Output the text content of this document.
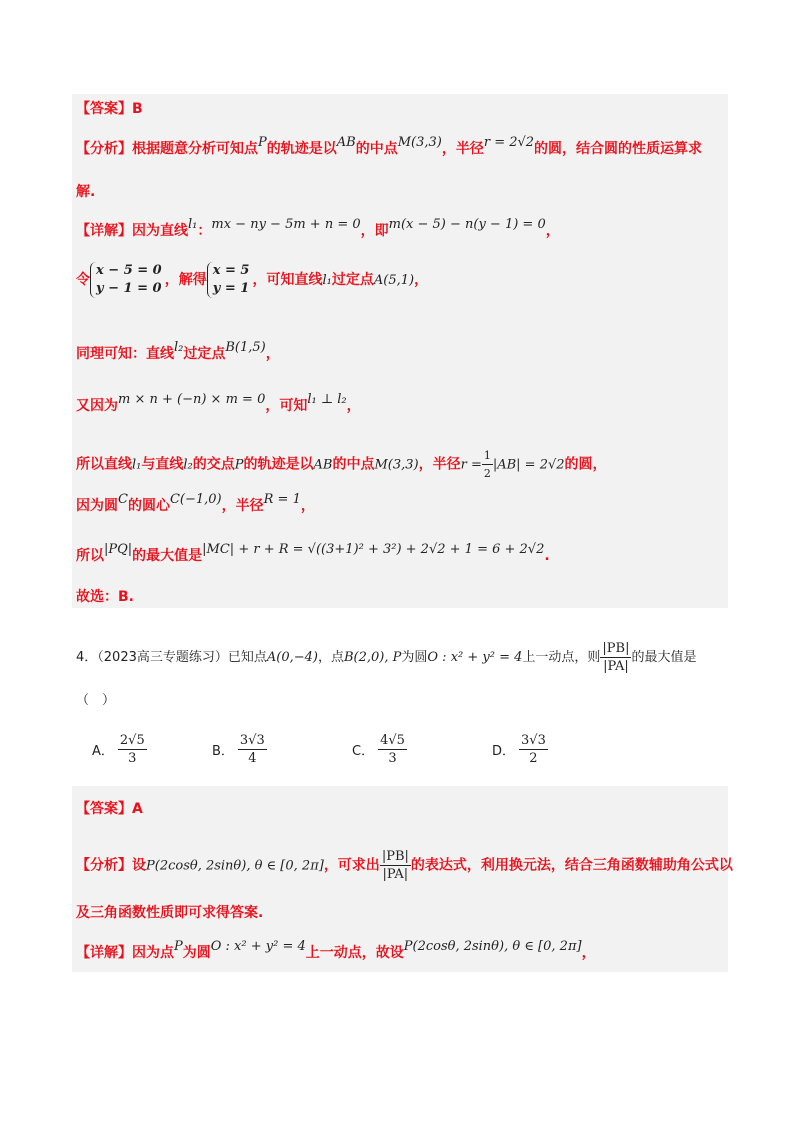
【答案】B
【分析】根据题意分析可知点P的轨迹是以AB的中点M(3,3)，半径r = 2√2的圆，结合圆的性质运算求
解.
【详解】因为直线l₁：mx − ny − 5m + n = 0，即m(x − 5) − n(y − 1) = 0，
令
x − 5 = 0
y − 1 = 0
，解得
x = 5
y = 1
，可知直线l₁过定点A(5,1)，
同理可知：直线l₂过定点B(1,5)，
又因为m × n + (−n) × m = 0，可知l₁ ⊥ l₂，
所以直线l₁与直线l₂的交点P的轨迹是以AB的中点M(3,3)，半径$r = \frac{1}{2} |AB| = 2√2$的圆，
因为圆C的圆心C(−1,0)，半径R = 1，
所以|PQ|的最大值是|MC| + r + R = √((3+1)² + 3²) + 2√2 + 1 = 6 + 2√2.
故选：B.
4．（2023高三专题练习）已知点A(0,−4)，点B(2,0), P为圆O : x² + y² = 4上一动点，则 $\frac{|PB|}{|PA|}$ 的最大值是
（　）
A． $\frac{2√5}{3}$	B． $\frac{3√3}{4}$	C． $\frac{4√5}{3}$	D． $\frac{3√3}{2}$
【答案】A
【分析】设P(2cosθ, 2sinθ), θ ∈ [0, 2π]，可求出 $\frac{|PB|}{|PA|}$ 的表达式，利用换元法，结合三角函数辅助角公式以
及三角函数性质即可求得答案.
【详解】因为点P为圆O : x² + y² = 4上一动点，故设P(2cosθ, 2sinθ), θ ∈ [0, 2π]，
